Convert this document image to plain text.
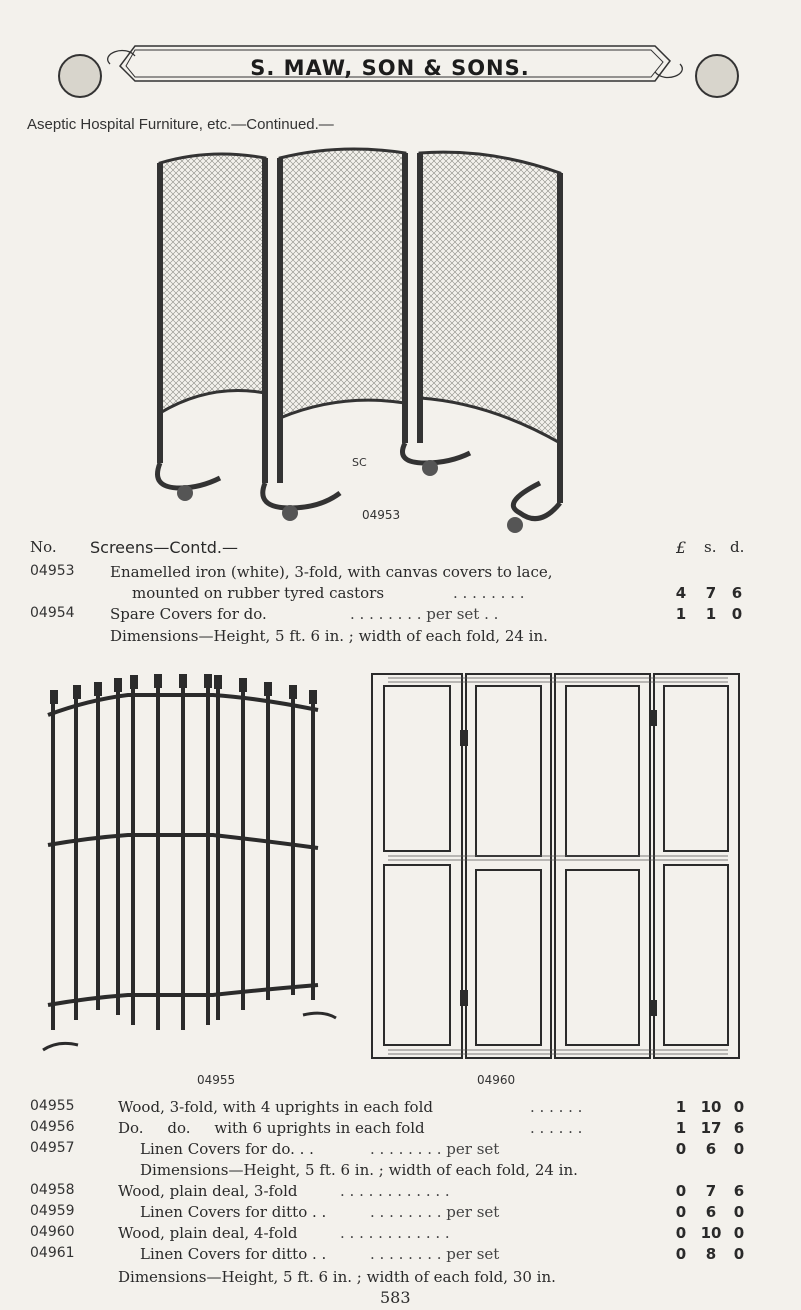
S. MAW, SON & SONS.
Aseptic Hospital Furniture, etc.—Continued.—
SC
04953
No. Screens—Contd.—	£ s. d.
04953 Enamelled iron (white), 3-fold, with canvas covers to lace,
mounted on rubber tyred castors	. . . . . . . .	4	7	6
04954 Spare Covers for do.	. . . . . . . . per set . .	1	1	0
Dimensions—Height, 5 ft. 6 in. ; width of each fold, 24 in.
04955	04960
04955	Wood, 3-fold, with 4 uprights in each fold	. . . . . .	1 10 0
04956	Do.     do.     with 6 uprights in each fold	. . . . . .	1 17 6
04957	Linen Covers for do. . .	. . . . . . . . per set	0	6	0
Dimensions—Height, 5 ft. 6 in. ; width of each fold, 24 in.
04958	Wood, plain deal, 3-fold	. . . . . . . . . . . .	0	7	6
04959	Linen Covers for ditto . .	. . . . . . . . per set	0	6	0
04960	Wood, plain deal, 4-fold	. . . . . . . . . . . .	0 10 0
04961	Linen Covers for ditto . .	. . . . . . . . per set	0	8	0
Dimensions—Height, 5 ft. 6 in. ; width of each fold, 30 in.
583
